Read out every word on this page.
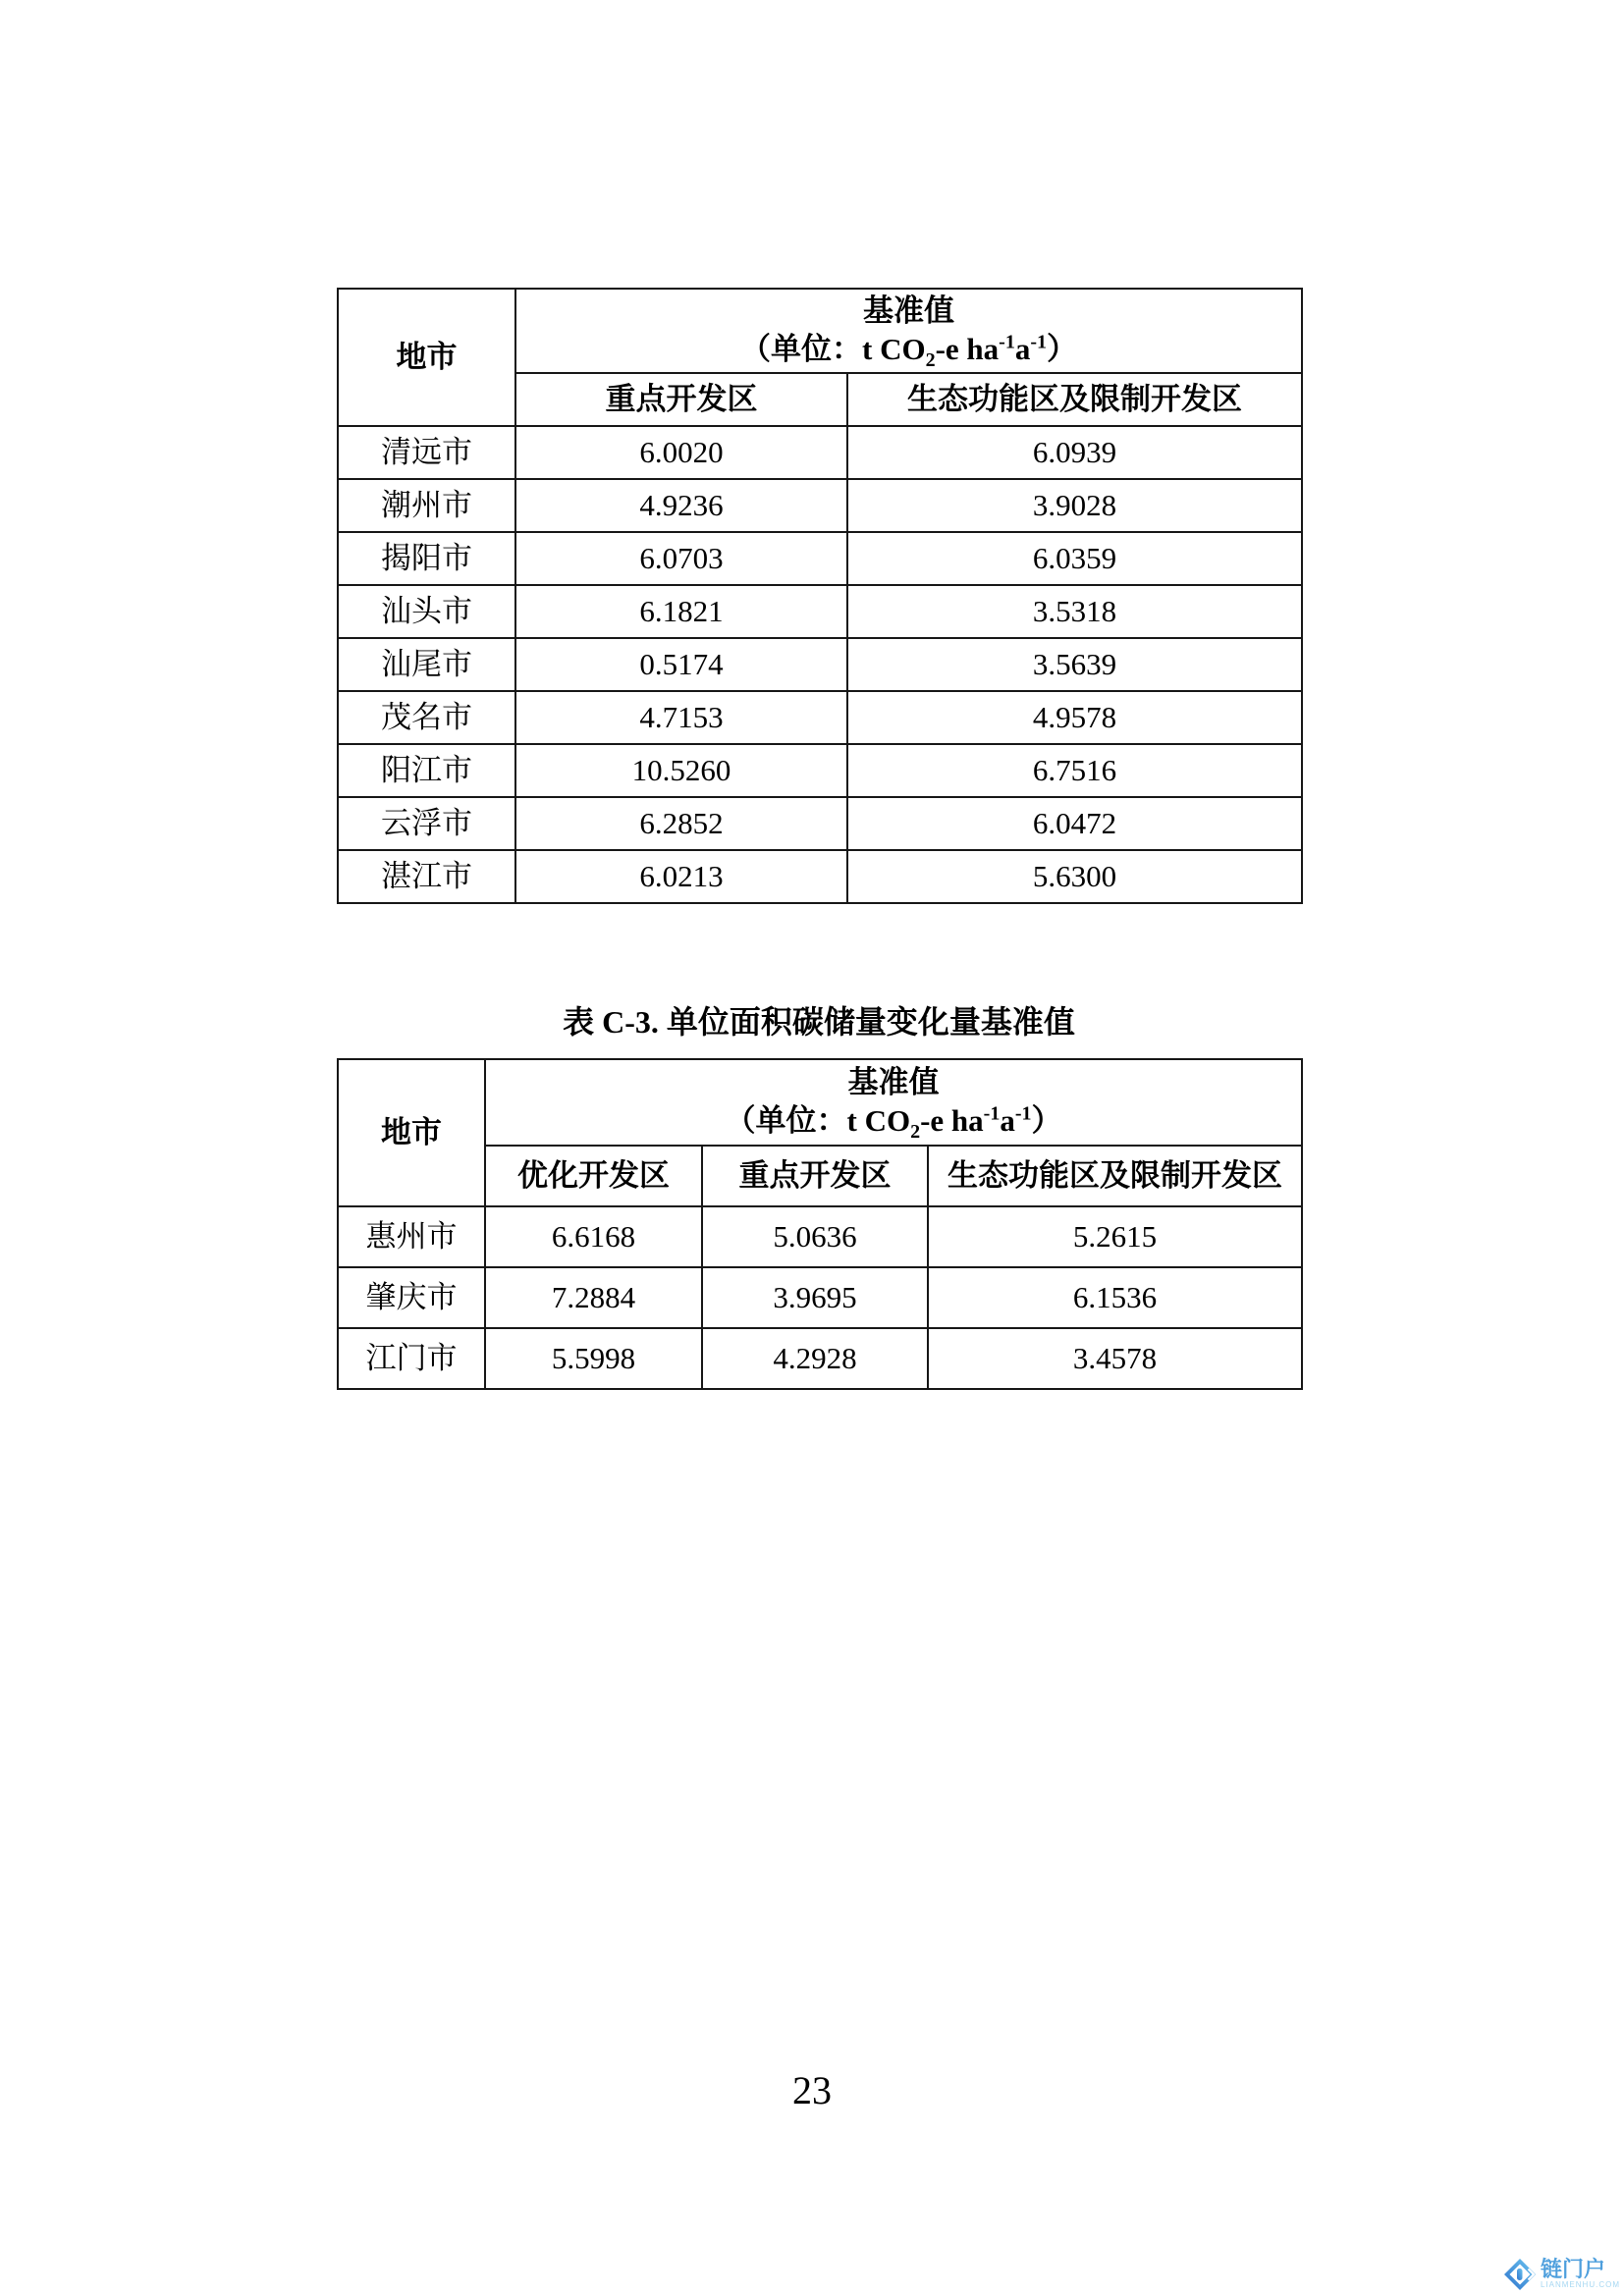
地市	基准值
（单位：t $CO_2-e$ $ha^{-1}a^{-1}$）	

	重点开发区	生态功能区及限制开发区
清远市	6.0020	6.0939
潮州市	4.9236	3.9028
揭阳市	6.0703	6.0359
汕头市	6.1821	3.5318
汕尾市	0.5174	3.5639
茂名市	4.7153	4.9578
阳江市	10.5260	6.7516
云浮市	6.2852	6.0472
湛江市	6.0213	5.6300
表 C-3. 单位面积碳储量变化量基准值
地市	基准值
（单位：t $CO_2-e$ $ha^{-1}a^{-1}$）		

	优化开发区	重点开发区	生态功能区及限制开发区
惠州市	6.6168	5.0636	5.2615
肇庆市	7.2884	3.9695	6.1536
江门市	5.5998	4.2928	3.4578
23
链门户
LIANMENHU.COM
